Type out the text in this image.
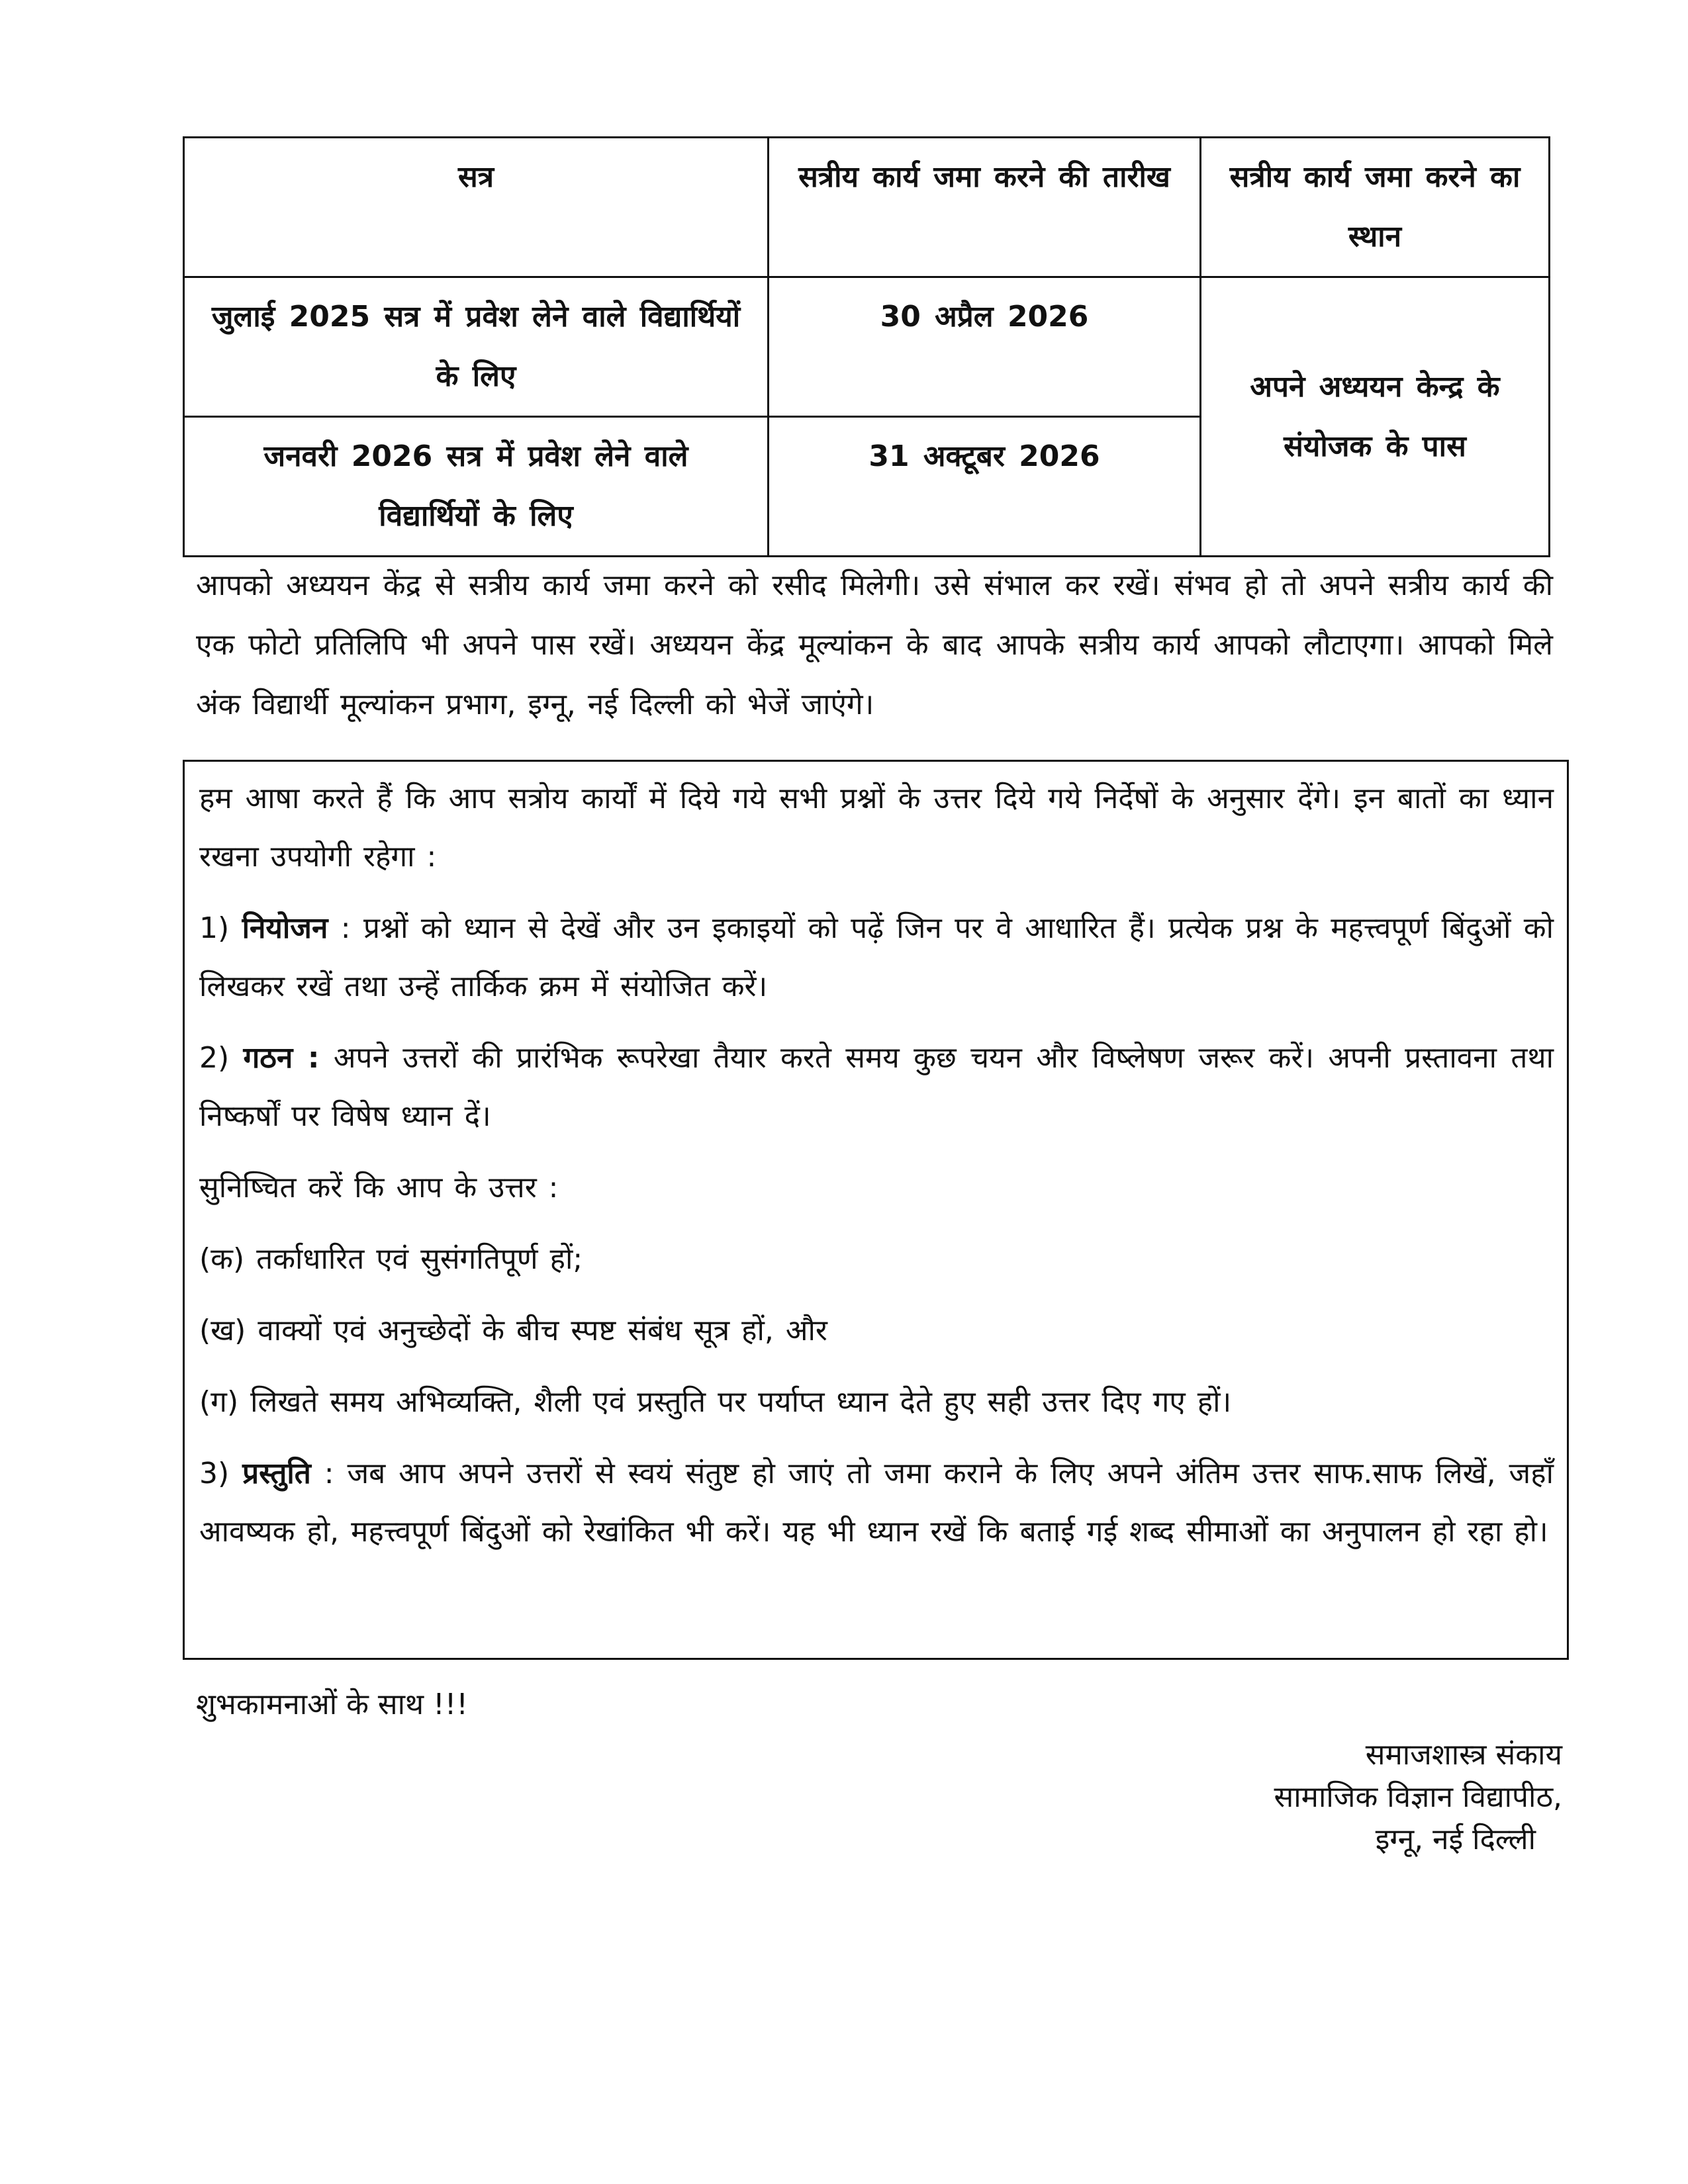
सत्र	सत्रीय कार्य जमा करने की तारीख	सत्रीय कार्य जमा करने का स्थान
जुलाई 2025 सत्र में प्रवेश लेने वाले विद्यार्थियों के लिए	30 अप्रैल 2026	अपने अध्ययन केन्द्र के संयोजक के पास
जनवरी 2026 सत्र में प्रवेश लेने वाले विद्यार्थियों के लिए	31 अक्टूबर 2026	
आपको अध्ययन केंद्र से सत्रीय कार्य जमा करने को रसीद मिलेगी। उसे संभाल कर रखें। संभव हो तो अपने सत्रीय कार्य की एक फोटो प्रतिलिपि भी अपने पास रखें। अध्ययन केंद्र मूल्यांकन के बाद आपके सत्रीय कार्य आपको लौटाएगा। आपको मिले अंक विद्यार्थी मूल्यांकन प्रभाग, इग्नू, नई दिल्ली को भेजें जाएंगे।

हम आषा करते हैं कि आप सत्रोय कार्यों में दिये गये सभी प्रश्नों के उत्तर दिये गये निर्देषों के अनुसार देंगे। इन बातों का ध्यान रखना उपयोगी रहेगा :

1) नियोजन : प्रश्नों को ध्यान से देखें और उन इकाइयों को पढ़ें जिन पर वे आधारित हैं। प्रत्येक प्रश्न के महत्त्वपूर्ण बिंदुओं को लिखकर रखें तथा उन्हें तार्किक क्रम में संयोजित करें।

2) गठन : अपने उत्तरों की प्रारंभिक रूपरेखा तैयार करते समय कुछ चयन और विष्लेषण जरूर करें। अपनी प्रस्तावना तथा निष्कर्षों पर विषेष ध्यान दें।

सुनिष्चित करें कि आप के उत्तर :

(क) तर्काधारित एवं सुसंगतिपूर्ण हों;

(ख) वाक्यों एवं अनुच्छेदों के बीच स्पष्ट संबंध सूत्र हों, और

(ग) लिखते समय अभिव्यक्ति, शैली एवं प्रस्तुति पर पर्याप्त ध्यान देते हुए सही उत्तर दिए गए हों।

3) प्रस्तुति : जब आप अपने उत्तरों से स्वयं संतुष्ट हो जाएं तो जमा कराने के लिए अपने अंतिम उत्तर साफ.साफ लिखें, जहाँ आवष्यक हो, महत्त्वपूर्ण बिंदुओं को रेखांकित भी करें। यह भी ध्यान रखें कि बताई गई शब्द सीमाओं का अनुपालन हो रहा हो।

शुभकामनाओं के साथ !!!
समाजशास्त्र संकाय
सामाजिक विज्ञान विद्यापीठ,
इग्नू, नई दिल्ली
